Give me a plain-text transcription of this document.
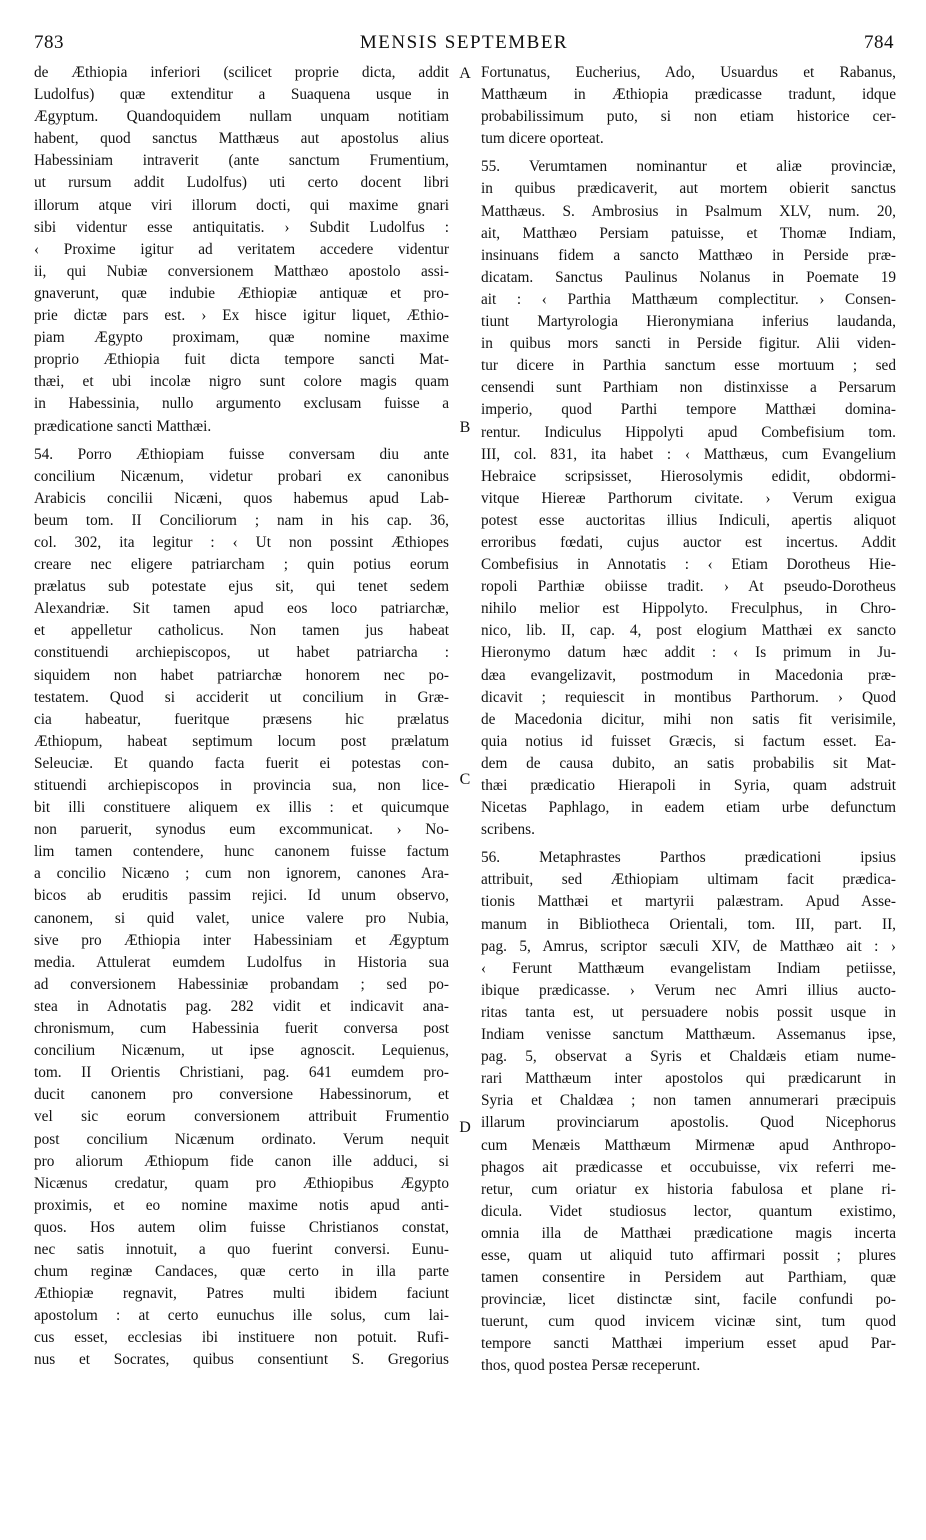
783	MENSIS SEPTEMBER	784
de Æthiopia inferiori (scilicet proprie dicta, addit
Ludolfus) quæ extenditur a Suaquena usque in
Ægyptum. Quandoquidem nullam unquam notitiam
habent, quod sanctus Matthæus aut apostolus alius
Habessiniam intraverit (ante sanctum Frumentium,
ut rursum addit Ludolfus) uti certo docent libri
illorum atque viri illorum docti, qui maxime gnari
sibi videntur esse antiquitatis. › Subdit Ludolfus :
‹ Proxime igitur ad veritatem accedere videntur
ii, qui Nubiæ conversionem Matthæo apostolo assi-
gnaverunt, quæ indubie Æthiopiæ antiquæ et pro-
prie dictæ pars est. › Ex hisce igitur liquet, Æthio-
piam Ægypto proximam, quæ nomine maxime
proprio Æthiopia fuit dicta tempore sancti Mat-
thæi, et ubi incolæ nigro sunt colore magis quam
in Habessinia, nullo argumento exclusam fuisse a
prædicatione sancti Matthæi.
54. Porro Æthiopiam fuisse conversam diu ante
concilium Nicænum, videtur probari ex canonibus
Arabicis concilii Nicæni, quos habemus apud Lab-
beum tom. II Conciliorum ; nam in his cap. 36,
col. 302, ita legitur : ‹ Ut non possint Æthiopes
creare nec eligere patriarcham ; quin potius eorum
prælatus sub potestate ejus sit, qui tenet sedem
Alexandriæ. Sit tamen apud eos loco patriarchæ,
et appelletur catholicus. Non tamen jus habeat
constituendi archiepiscopos, ut habet patriarcha :
siquidem non habet patriarchæ honorem nec po-
testatem. Quod si acciderit ut concilium in Græ-
cia habeatur, fueritque præsens hic prælatus
Æthiopum, habeat septimum locum post prælatum
Seleuciæ. Et quando facta fuerit ei potestas con-
stituendi archiepiscopos in provincia sua, non lice-
bit illi constituere aliquem ex illis : et quicumque
non paruerit, synodus eum excommunicat. › No-
lim tamen contendere, hunc canonem fuisse factum
a concilio Nicæno ; cum non ignorem, canones Ara-
bicos ab eruditis passim rejici. Id unum observo,
canonem, si quid valet, unice valere pro Nubia,
sive pro Æthiopia inter Habessiniam et Ægyptum
media. Attulerat eumdem Ludolfus in Historia sua
ad conversionem Habessiniæ probandam ; sed po-
stea in Adnotatis pag. 282 vidit et indicavit ana-
chronismum, cum Habessinia fuerit conversa post
concilium Nicænum, ut ipse agnoscit. Lequienus,
tom. II Orientis Christiani, pag. 641 eumdem pro-
ducit canonem pro conversione Habessinorum, et
vel sic eorum conversionem attribuit Frumentio
post concilium Nicænum ordinato. Verum nequit
pro aliorum Æthiopum fide canon ille adduci, si
Nicænus credatur, quam pro Æthiopibus Ægypto
proximis, et eo nomine maxime notis apud anti-
quos. Hos autem olim fuisse Christianos constat,
nec satis innotuit, a quo fuerint conversi. Eunu-
chum reginæ Candaces, quæ certo in illa parte
Æthiopiæ regnavit, Patres multi ibidem faciunt
apostolum : at certo eunuchus ille solus, cum lai-
cus esset, ecclesias ibi instituere non potuit. Rufi-
nus et Socrates, quibus consentiunt S. Gregorius
Fortunatus, Eucherius, Ado, Usuardus et Rabanus,
Matthæum in Æthiopia prædicasse tradunt, idque
probabilissimum puto, si non etiam historice cer-
tum dicere oporteat.
55. Verumtamen nominantur et aliæ provinciæ,
in quibus prædicaverit, aut mortem obierit sanctus
Matthæus. S. Ambrosius in Psalmum XLV, num. 20,
ait, Matthæo Persiam patuisse, et Thomæ Indiam,
insinuans fidem a sancto Matthæo in Perside præ-
dicatam. Sanctus Paulinus Nolanus in Poemate 19
ait : ‹ Parthia Matthæum complectitur. › Consen-
tiunt Martyrologia Hieronymiana inferius laudanda,
in quibus mors sancti in Perside figitur. Alii viden-
tur dicere in Parthia sanctum esse mortuum ; sed
censendi sunt Parthiam non distinxisse a Persarum
imperio, quod Parthi tempore Matthæi domina-
rentur. Indiculus Hippolyti apud Combefisium tom.
III, col. 831, ita habet : ‹ Matthæus, cum Evangelium
Hebraice scripsisset, Hierosolymis edidit, obdormi-
vitque Hiereæ Parthorum civitate. › Verum exigua
potest esse auctoritas illius Indiculi, apertis aliquot
erroribus fœdati, cujus auctor est incertus. Addit
Combefisius in Annotatis : ‹ Etiam Dorotheus Hie-
ropoli Parthiæ obiisse tradit. › At pseudo-Dorotheus
nihilo melior est Hippolyto. Freculphus, in Chro-
nico, lib. II, cap. 4, post elogium Matthæi ex sancto
Hieronymo datum hæc addit : ‹ Is primum in Ju-
dæa evangelizavit, postmodum in Macedonia præ-
dicavit ; requiescit in montibus Parthorum. › Quod
de Macedonia dicitur, mihi non satis fit verisimile,
quia notius id fuisset Græcis, si factum esset. Ea-
dem de causa dubito, an satis probabilis sit Mat-
thæi prædicatio Hierapoli in Syria, quam adstruit
Nicetas Paphlago, in eadem etiam urbe defunctum
scribens.
56. Metaphrastes Parthos prædicationi ipsius
attribuit, sed Æthiopiam ultimam facit prædica-
tionis Matthæi et martyrii palæstram. Apud Asse-
manum in Bibliotheca Orientali, tom. III, part. II,
pag. 5, Amrus, scriptor sæculi XIV, de Matthæo ait : ›
‹ Ferunt Matthæum evangelistam Indiam petiisse,
ibique prædicasse. › Verum nec Amri illius aucto-
ritas tanta est, ut persuadere nobis possit usque in
Indiam venisse sanctum Matthæum. Assemanus ipse,
pag. 5, observat a Syris et Chaldæis etiam nume-
rari Matthæum inter apostolos qui prædicarunt in
Syria et Chaldæa ; non tamen annumerari præcipuis
illarum provinciarum apostolis. Quod Nicephorus
cum Menæis Matthæum Mirmenæ apud Anthropo-
phagos ait prædicasse et occubuisse, vix referri me-
retur, cum oriatur ex historia fabulosa et plane ri-
dicula. Videt studiosus lector, quantum existimo,
omnia illa de Matthæi prædicatione magis incerta
esse, quam ut aliquid tuto affirmari possit ; plures
tamen consentire in Persidem aut Parthiam, quæ
provinciæ, licet distinctæ sint, facile confundi po-
tuerunt, cum quod invicem vicinæ sint, tum quod
tempore sancti Matthæi imperium esset apud Par-
thos, quod postea Persæ receperunt.
A
B
C
D
